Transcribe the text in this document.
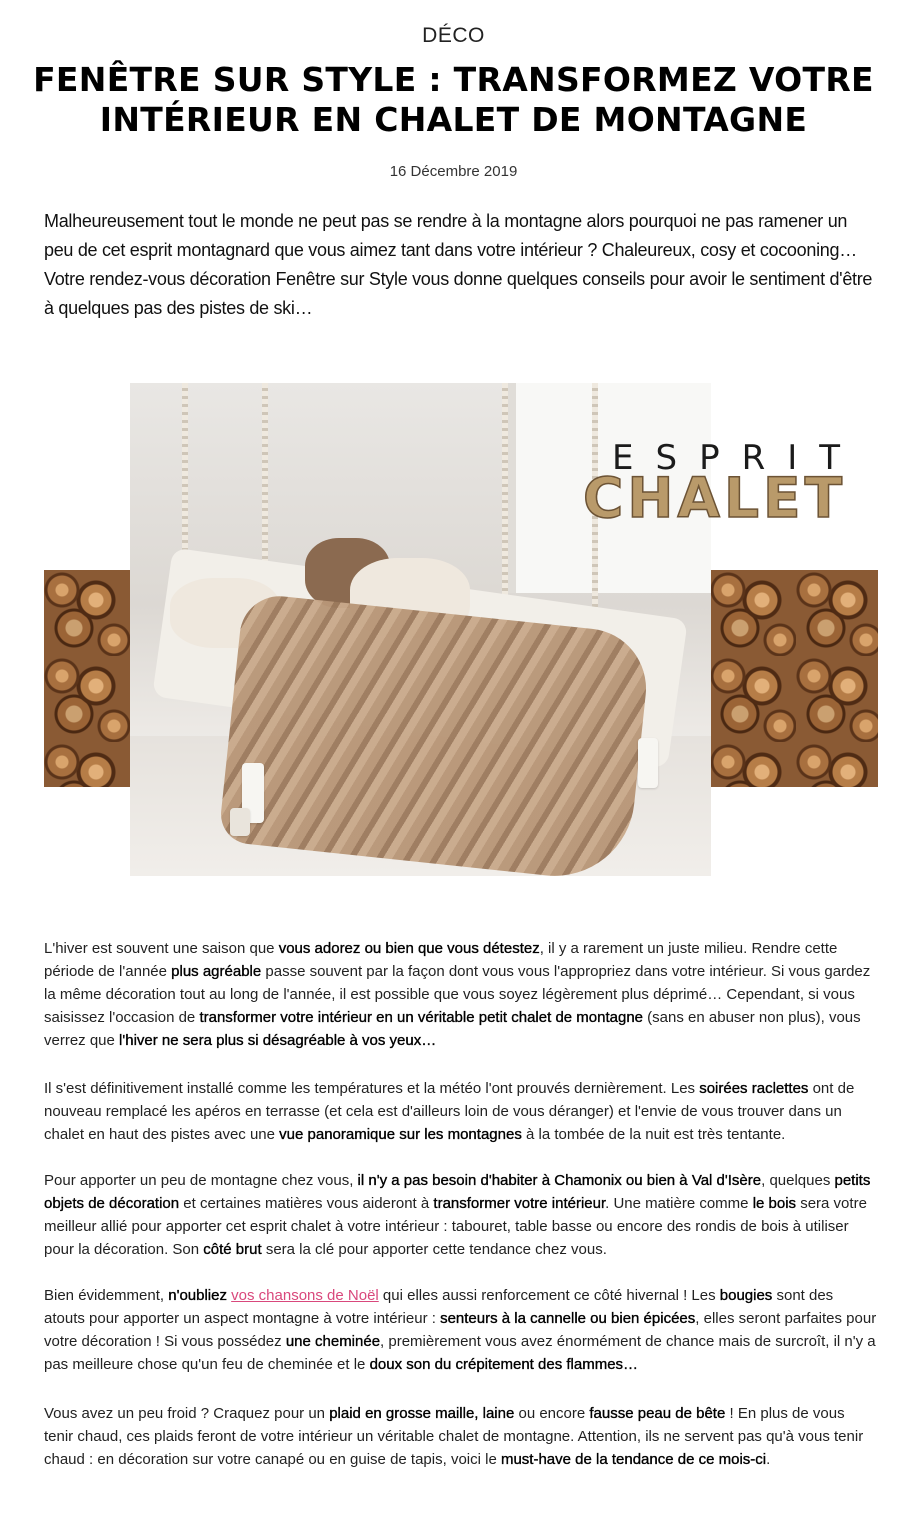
DÉCO
FENÊTRE SUR STYLE : TRANSFORMEZ VOTRE
INTÉRIEUR EN CHALET DE MONTAGNE
16 Décembre 2019

Malheureusement tout le monde ne peut pas se rendre à la montagne alors pourquoi ne pas ramener un peu de cet esprit montagnard que vous aimez tant dans votre intérieur ? Chaleureux, cosy et cocooning… Votre rendez-vous décoration Fenêtre sur Style vous donne quelques conseils pour avoir le sentiment d'être à quelques pas des pistes de ski…

ESPRIT
CHALET

L'hiver est souvent une saison que vous adorez ou bien que vous détestez, il y a rarement un juste milieu. Rendre cette période de l'année plus agréable passe souvent par la façon dont vous vous l'appropriez dans votre intérieur. Si vous gardez la même décoration tout au long de l'année, il est possible que vous soyez légèrement plus déprimé… Cependant, si vous saisissez l'occasion de transformer votre intérieur en un véritable petit chalet de montagne (sans en abuser non plus), vous verrez que l'hiver ne sera plus si désagréable à vos yeux…

Il s'est définitivement installé comme les températures et la météo l'ont prouvés dernièrement. Les soirées raclettes ont de nouveau remplacé les apéros en terrasse (et cela est d'ailleurs loin de vous déranger) et l'envie de vous trouver dans un chalet en haut des pistes avec une vue panoramique sur les montagnes à la tombée de la nuit est très tentante.

Pour apporter un peu de montagne chez vous, il n'y a pas besoin d'habiter à Chamonix ou bien à Val d'Isère, quelques petits objets de décoration et certaines matières vous aideront à transformer votre intérieur. Une matière comme le bois sera votre meilleur allié pour apporter cet esprit chalet à votre intérieur : tabouret, table basse ou encore des rondis de bois à utiliser pour la décoration. Son côté brut sera la clé pour apporter cette tendance chez vous.

Bien évidemment, n'oubliez vos chansons de Noël qui elles aussi renforcement ce côté hivernal ! Les bougies sont des atouts pour apporter un aspect montagne à votre intérieur : senteurs à la cannelle ou bien épicées, elles seront parfaites pour votre décoration ! Si vous possédez une cheminée, premièrement vous avez énormément de chance mais de surcroît, il n'y a pas meilleure chose qu'un feu de cheminée et le doux son du crépitement des flammes…

Vous avez un peu froid ? Craquez pour un plaid en grosse maille, laine ou encore fausse peau de bête ! En plus de vous tenir chaud, ces plaids feront de votre intérieur un véritable chalet de montagne. Attention, ils ne servent pas qu'à vous tenir chaud : en décoration sur votre canapé ou en guise de tapis, voici le must-have de la tendance de ce mois-ci.
